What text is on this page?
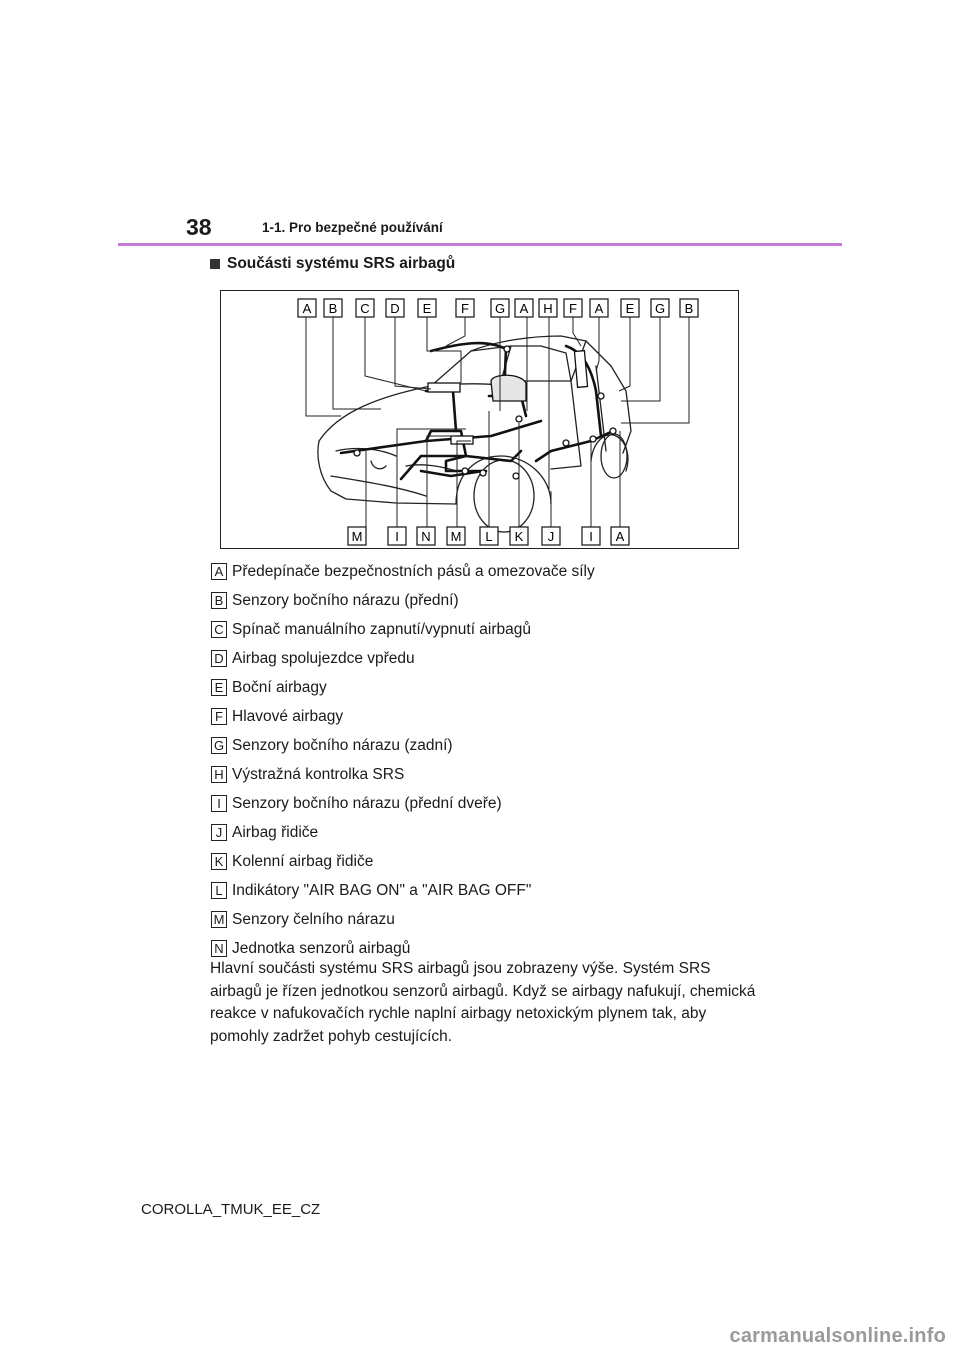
38	1-1. Pro bezpečné používání
Součásti systému SRS airbagů
A B C D E F G A H F A E G B
M	I N M L K J	I A
A Předepínače bezpečnostních pásů a omezovače síly
B Senzory bočního nárazu (přední)
C Spínač manuálního zapnutí/vypnutí airbagů
D Airbag spolujezdce vpředu
E Boční airbagy
F Hlavové airbagy
G Senzory bočního nárazu (zadní)
H Výstražná kontrolka SRS
I Senzory bočního nárazu (přední dveře)
J Airbag řidiče
K Kolenní airbag řidiče
L Indikátory "AIR BAG ON" a "AIR BAG OFF"
M Senzory čelního nárazu
N Jednotka senzorů airbagů
Hlavní součásti systému SRS airbagů jsou zobrazeny výše. Systém SRS airbagů je řízen jednotkou senzorů airbagů. Když se airbagy nafukují, chemická reakce v nafukovačích rychle naplní airbagy netoxickým plynem tak, aby pomohly zadržet pohyb cestujících.
COROLLA_TMUK_EE_CZ
carmanualsonline.info
